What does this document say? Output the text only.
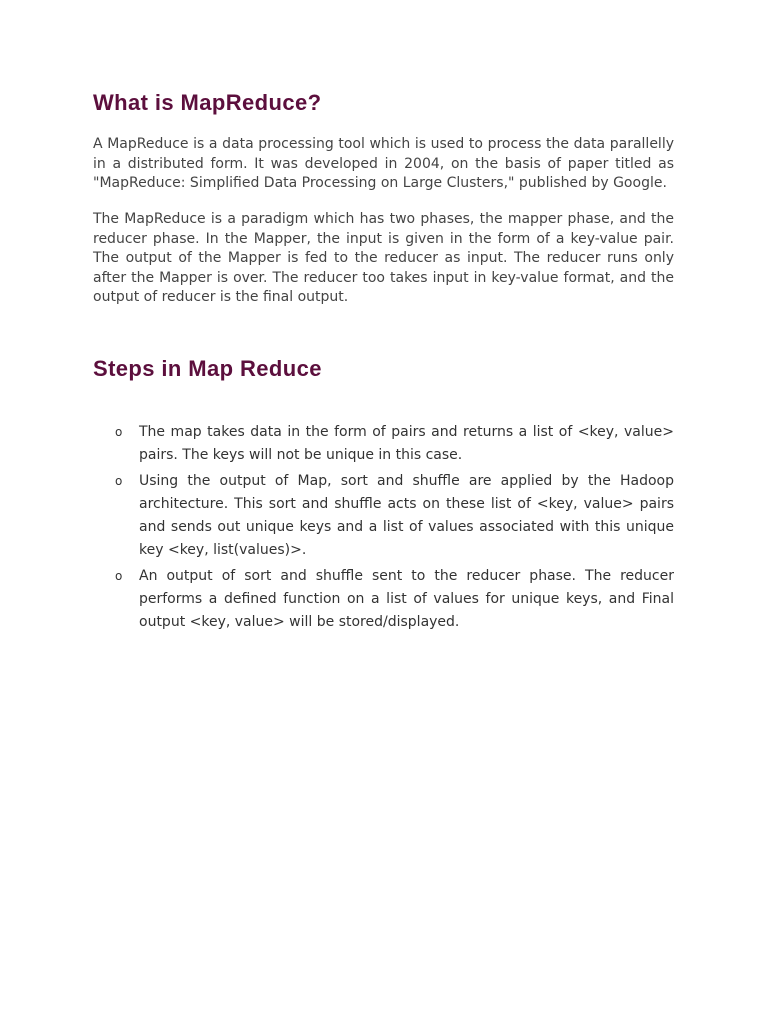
What is MapReduce?

A MapReduce is a data processing tool which is used to process the data parallelly in a distributed form. It was developed in 2004, on the basis of paper titled as "MapReduce: Simplified Data Processing on Large Clusters," published by Google.

The MapReduce is a paradigm which has two phases, the mapper phase, and the reducer phase. In the Mapper, the input is given in the form of a key-value pair. The output of the Mapper is fed to the reducer as input. The reducer runs only after the Mapper is over. The reducer too takes input in key-value format, and the output of reducer is the final output.

Steps in Map Reduce
o The map takes data in the form of pairs and returns a list of <key, value> pairs. The keys will not be unique in this case.
o Using the output of Map, sort and shuffle are applied by the Hadoop architecture. This sort and shuffle acts on these list of <key, value> pairs and sends out unique keys and a list of values associated with this unique key <key, list(values)>.
o An output of sort and shuffle sent to the reducer phase. The reducer performs a defined function on a list of values for unique keys, and Final output <key, value> will be stored/displayed.
